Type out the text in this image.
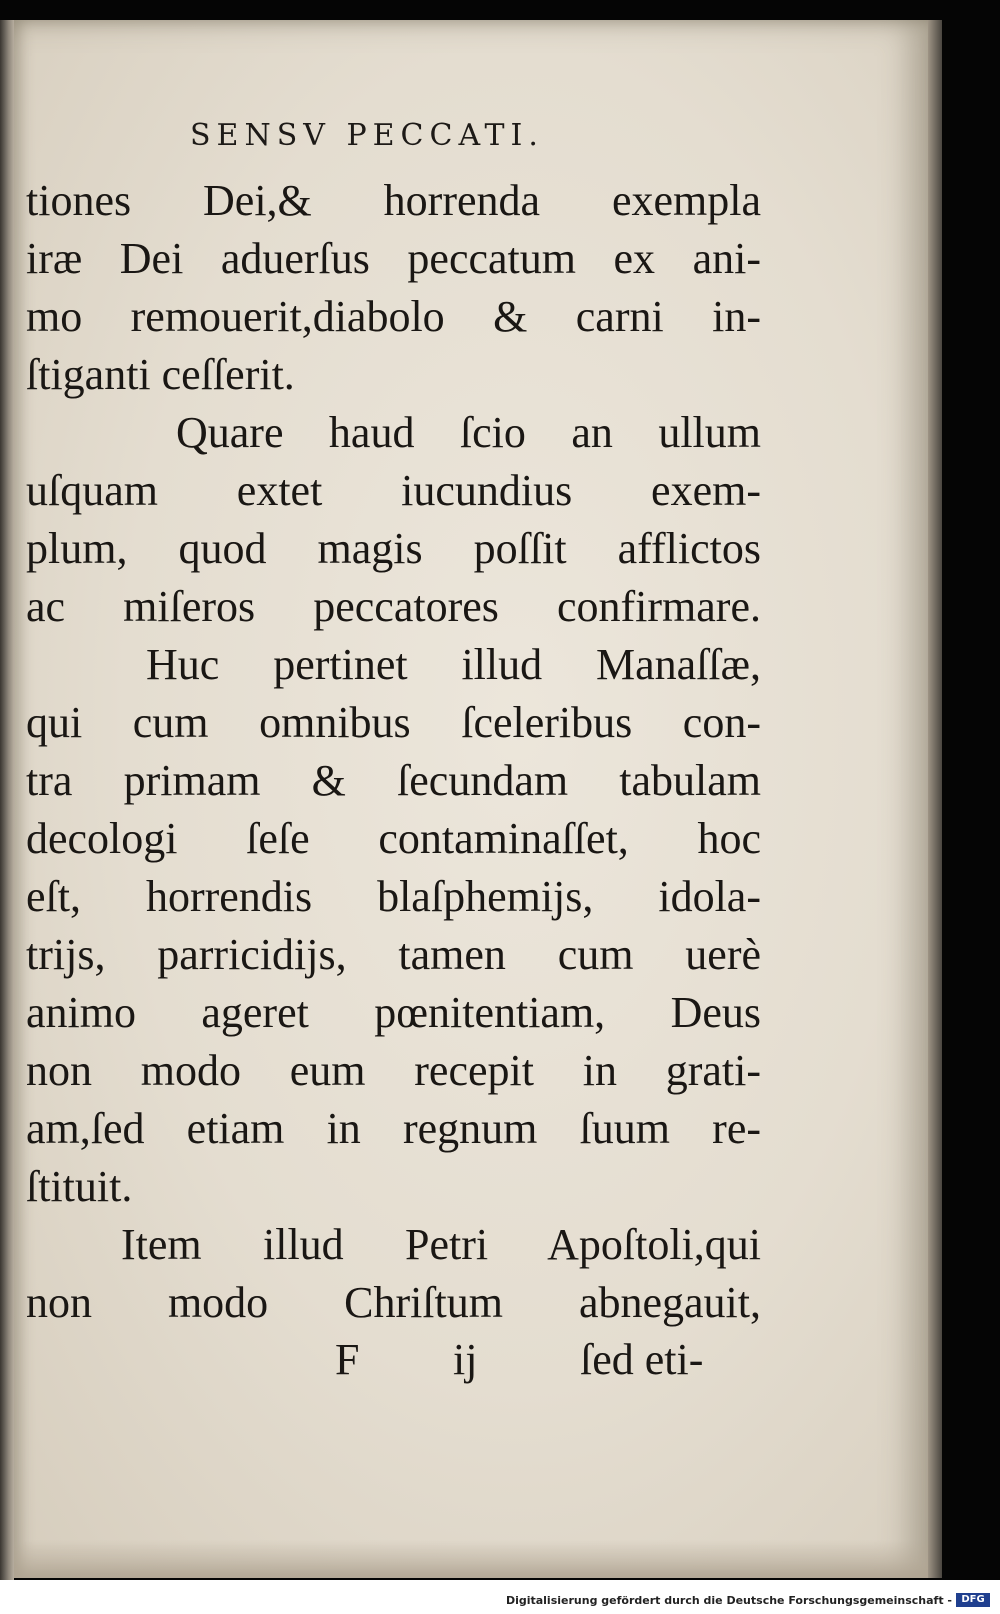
SENSV PECCATI.
tiones Dei,& horrenda exempla
iræ Dei aduerſus peccatum ex ani-
mo remouerit,diabolo & carni in-
ſtiganti ceſſerit.
Quare haud ſcio an ullum
uſquam extet iucundius exem-
plum, quod magis poſſit afflictos
ac miſeros peccatores confirmare.
Huc pertinet illud Manaſſæ,
qui cum omnibus ſceleribus con-
tra primam & ſecundam tabulam
decologi ſeſe contaminaſſet, hoc
eſt, horrendis blaſphemijs, idola-
trijs, parricidijs, tamen cum uerè
animo ageret pœnitentiam, Deus
non modo eum recepit in grati-
am,ſed etiam in regnum ſuum re-
ſtituit.
Item illud Petri Apoſtoli,qui
non modo Chriſtum abnegauit,
F ij ſed eti-
Digitalisierung gefördert durch die Deutsche Forschungsgemeinschaft - DFG
